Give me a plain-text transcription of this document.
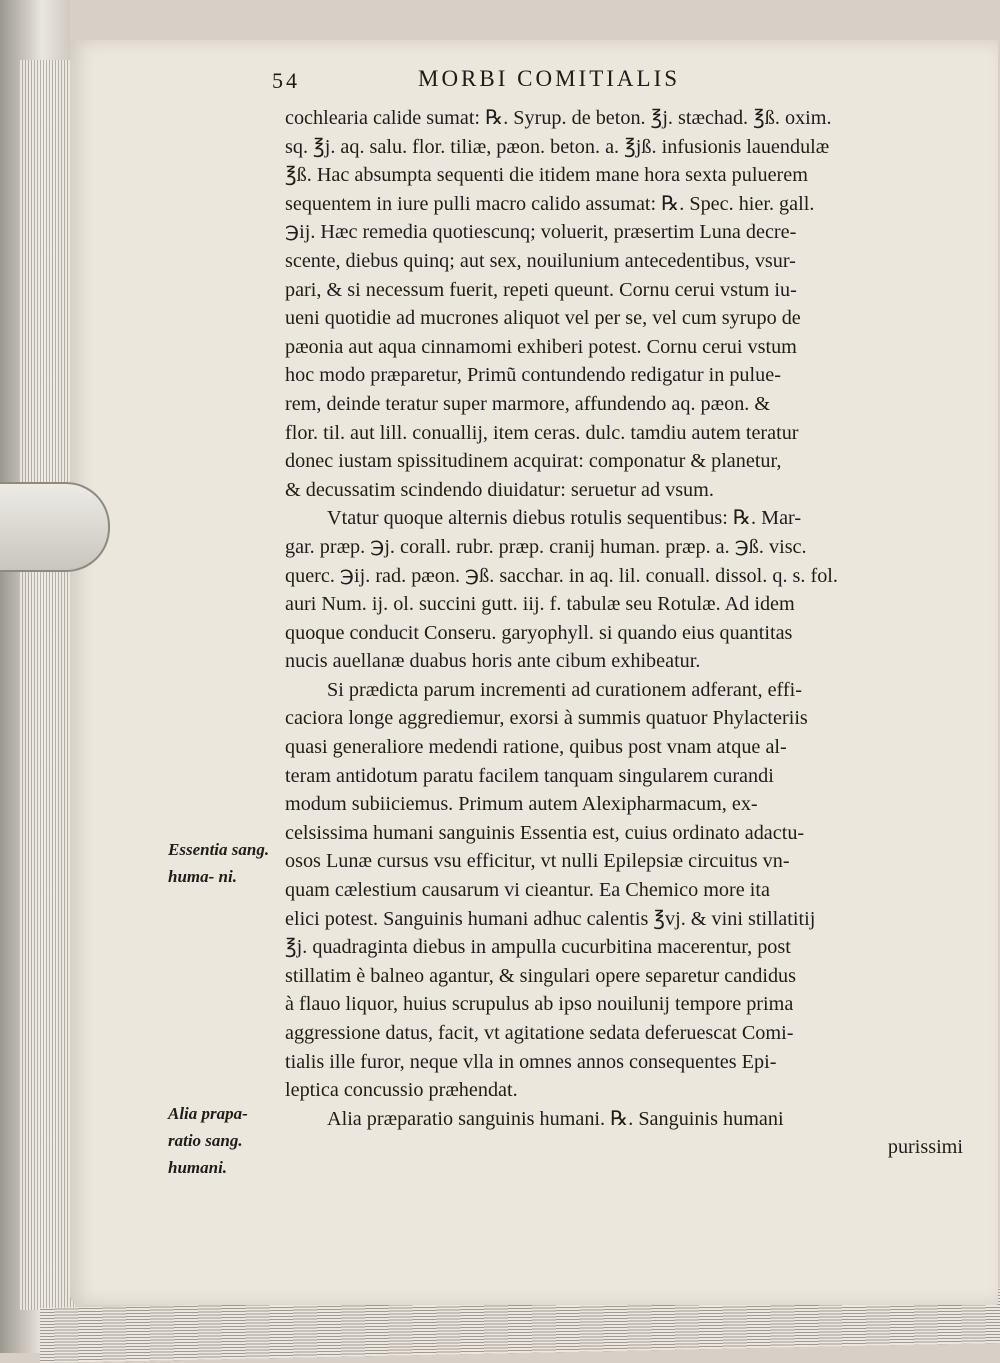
54	MORBI COMITIALIS
Essentia sang. huma- ni.
Alia prapa- ratio sang. humani.

cochlearia calide sumat: ℞. Syrup. de beton. ℥j. stæchad. ℥ß. oxim.

sq. ℥j. aq. salu. flor. tiliæ, pæon. beton. a. ℥jß. infusionis lauendulæ

℥ß. Hac absumpta sequenti die itidem mane hora sexta puluerem

sequentem in iure pulli macro calido assumat: ℞. Spec. hier. gall.

℈ij. Hæc remedia quotiescunq; voluerit, præsertim Luna decre-

scente, diebus quinq; aut sex, nouilunium antecedentibus, vsur-

pari, & si necessum fuerit, repeti queunt. Cornu cerui vstum iu-

ueni quotidie ad mucrones aliquot vel per se, vel cum syrupo de

pæonia aut aqua cinnamomi exhiberi potest. Cornu cerui vstum

hoc modo præparetur, Primũ contundendo redigatur in pulue-

rem, deinde teratur super marmore, affundendo aq. pæon. &

flor. til. aut lill. conuallij, item ceras. dulc. tamdiu autem teratur

donec iustam spissitudinem acquirat: componatur & planetur,

& decussatim scindendo diuidatur: seruetur ad vsum.

Vtatur quoque alternis diebus rotulis sequentibus: ℞. Mar-

gar. præp. ℈j. corall. rubr. præp. cranij human. præp. a. ℈ß. visc.

querc. ℈ij. rad. pæon. ℈ß. sacchar. in aq. lil. conuall. dissol. q. s. fol.

auri Num. ij. ol. succini gutt. iij. f. tabulæ seu Rotulæ. Ad idem

quoque conducit Conseru. garyophyll. si quando eius quantitas

nucis auellanæ duabus horis ante cibum exhibeatur.

Si prædicta parum incrementi ad curationem adferant, effi-

caciora longe aggrediemur, exorsi à summis quatuor Phylacteriis

quasi generaliore medendi ratione, quibus post vnam atque al-

teram antidotum paratu facilem tanquam singularem curandi

modum subiiciemus. Primum autem Alexipharmacum, ex-

celsissima humani sanguinis Essentia est, cuius ordinato adactu-

osos Lunæ cursus vsu efficitur, vt nulli Epilepsiæ circuitus vn-

quam cælestium causarum vi cieantur. Ea Chemico more ita

elici potest. Sanguinis humani adhuc calentis ℥vj. & vini stillatitij

℥j. quadraginta diebus in ampulla cucurbitina macerentur, post

stillatim è balneo agantur, & singulari opere separetur candidus

à flauo liquor, huius scrupulus ab ipso nouilunij tempore prima

aggressione datus, facit, vt agitatione sedata deferuescat Comi-

tialis ille furor, neque vlla in omnes annos consequentes Epi-

leptica concussio præhendat.

Alia præparatio sanguinis humani. ℞. Sanguinis humani

purissimi
